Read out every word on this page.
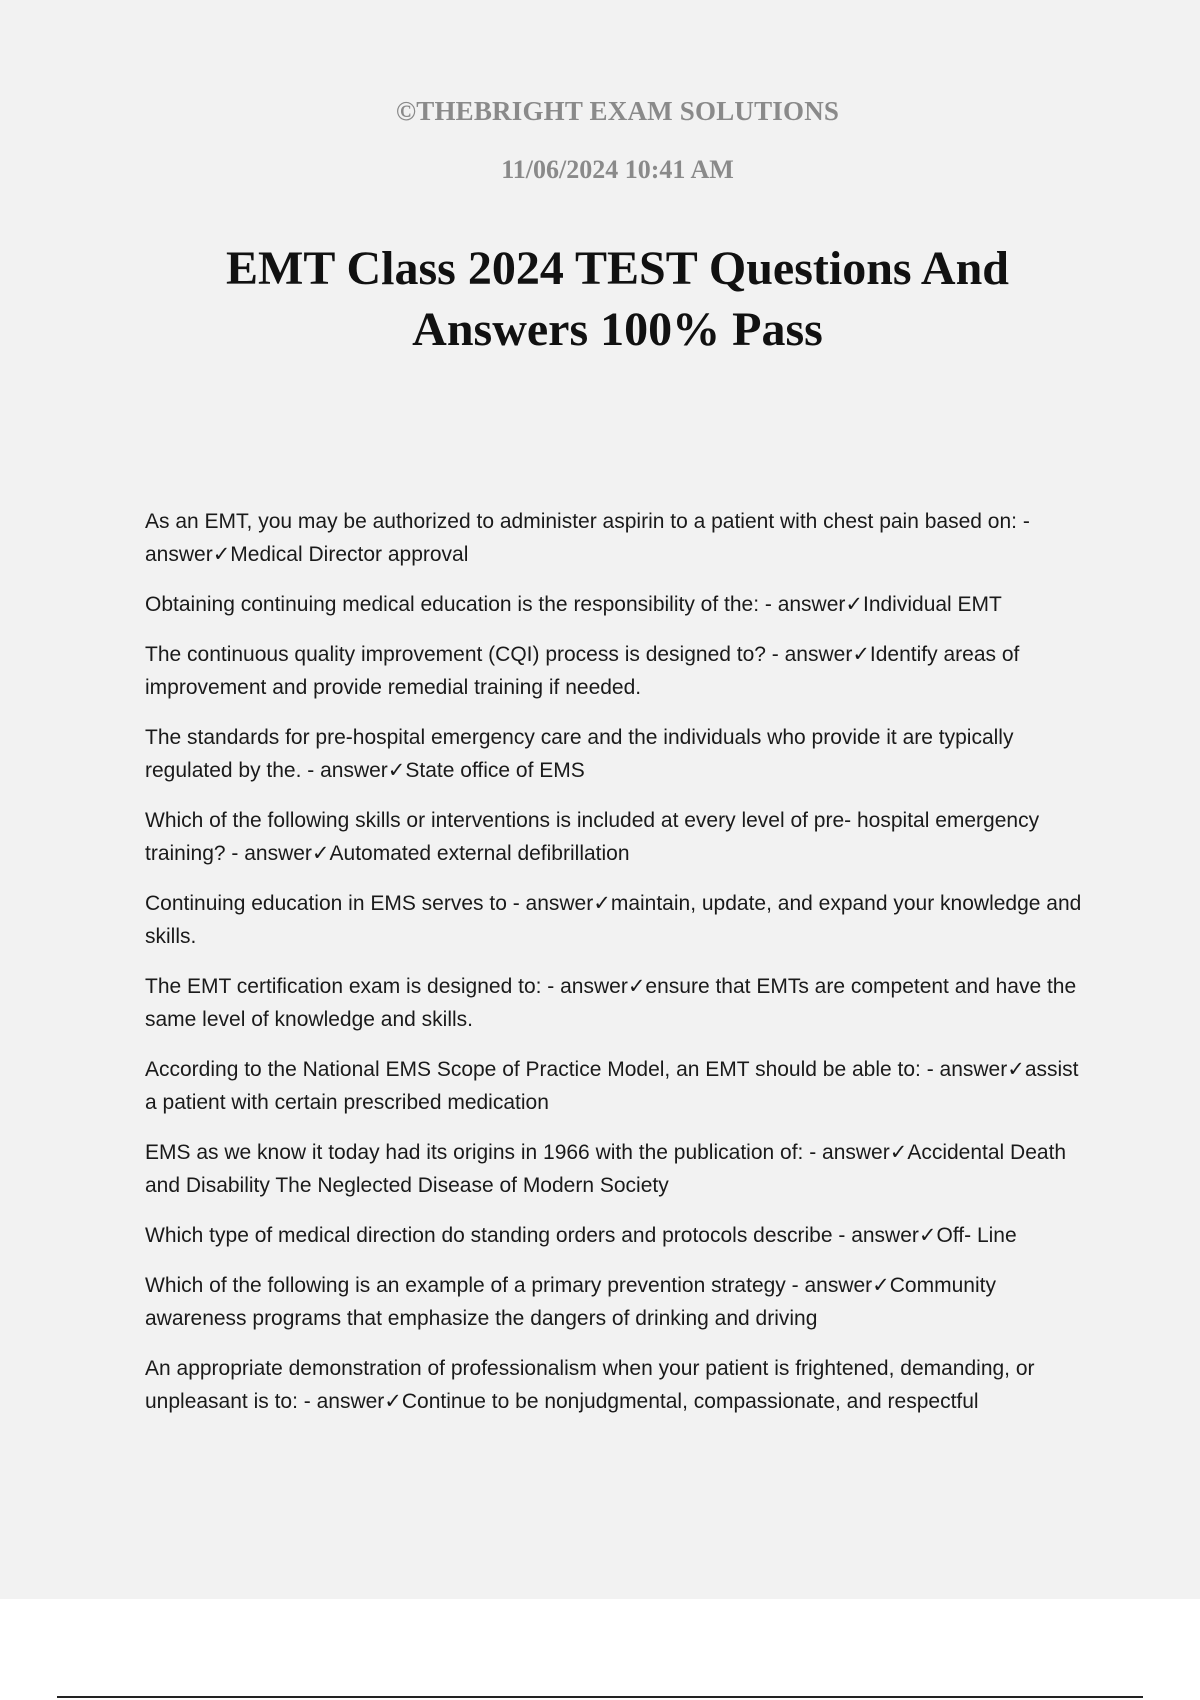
©THEBRIGHT EXAM SOLUTIONS
11/06/2024 10:41 AM
EMT Class 2024 TEST Questions And
Answers 100% Pass
As an EMT, you may be authorized to administer aspirin to a patient with chest pain based on: - answer✓Medical Director approval
Obtaining continuing medical education is the responsibility of the: - answer✓Individual EMT
The continuous quality improvement (CQI) process is designed to? - answer✓Identify areas of improvement and provide remedial training if needed.
The standards for pre-hospital emergency care and the individuals who provide it are typically regulated by the. - answer✓State office of EMS
Which of the following skills or interventions is included at every level of pre- hospital emergency training? - answer✓Automated external defibrillation
Continuing education in EMS serves to - answer✓maintain, update, and expand your knowledge and skills.
The EMT certification exam is designed to: - answer✓ensure that EMTs are competent and have the same level of knowledge and skills.
According to the National EMS Scope of Practice Model, an EMT should be able to: - answer✓assist a patient with certain prescribed medication
EMS as we know it today had its origins in 1966 with the publication of: - answer✓Accidental Death and Disability The Neglected Disease of Modern Society
Which type of medical direction do standing orders and protocols describe - answer✓Off- Line
Which of the following is an example of a primary prevention strategy - answer✓Community awareness programs that emphasize the dangers of drinking and driving
An appropriate demonstration of professionalism when your patient is frightened, demanding, or unpleasant is to: - answer✓Continue to be nonjudgmental, compassionate, and respectful
